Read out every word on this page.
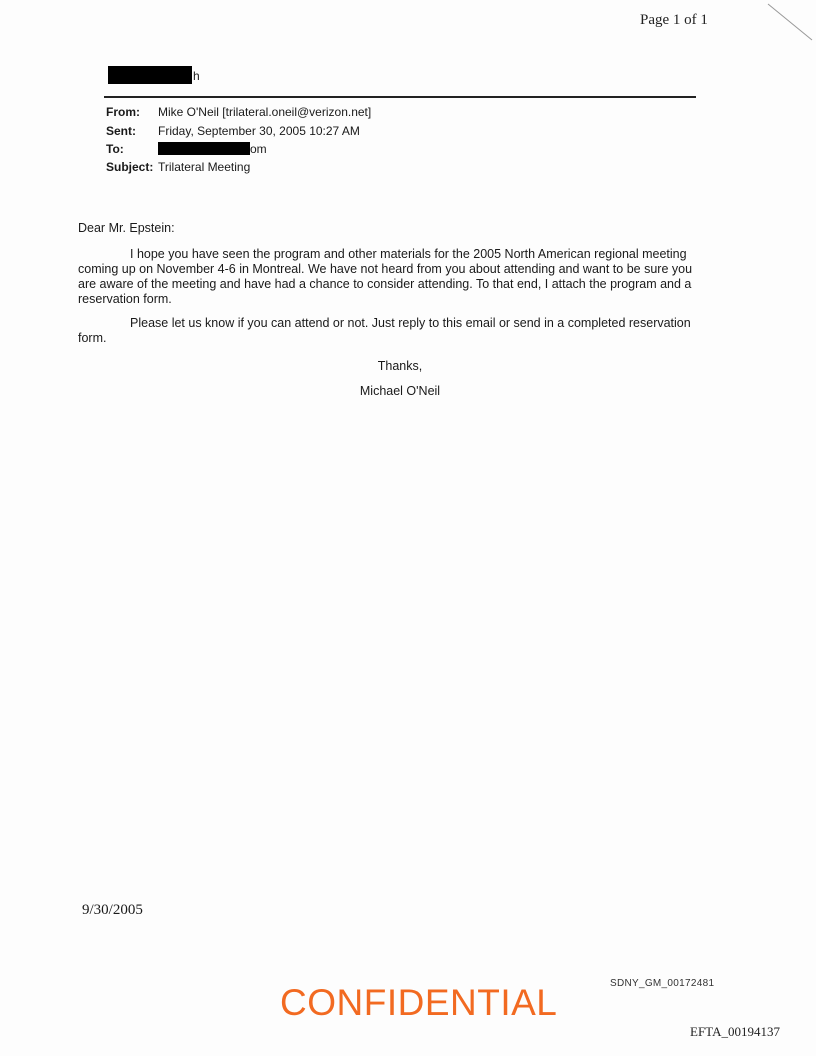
Page 1 of 1
h
From: Mike O'Neil [trilateral.oneil@verizon.net]
Sent: Friday, September 30, 2005 10:27 AM
To:	om
Subject: Trilateral Meeting
Dear Mr. Epstein:
I hope you have seen the program and other materials for the 2005 North American regional meeting coming up on November 4-6 in Montreal. We have not heard from you about attending and want to be sure you are aware of the meeting and have had a chance to consider attending. To that end, I attach the program and a reservation form.
Please let us know if you can attend or not. Just reply to this email or send in a completed reservation form.
Thanks,
Michael O'Neil
9/30/2005
SDNY_GM_00172481
CONFIDENTIAL
EFTA_00194137
